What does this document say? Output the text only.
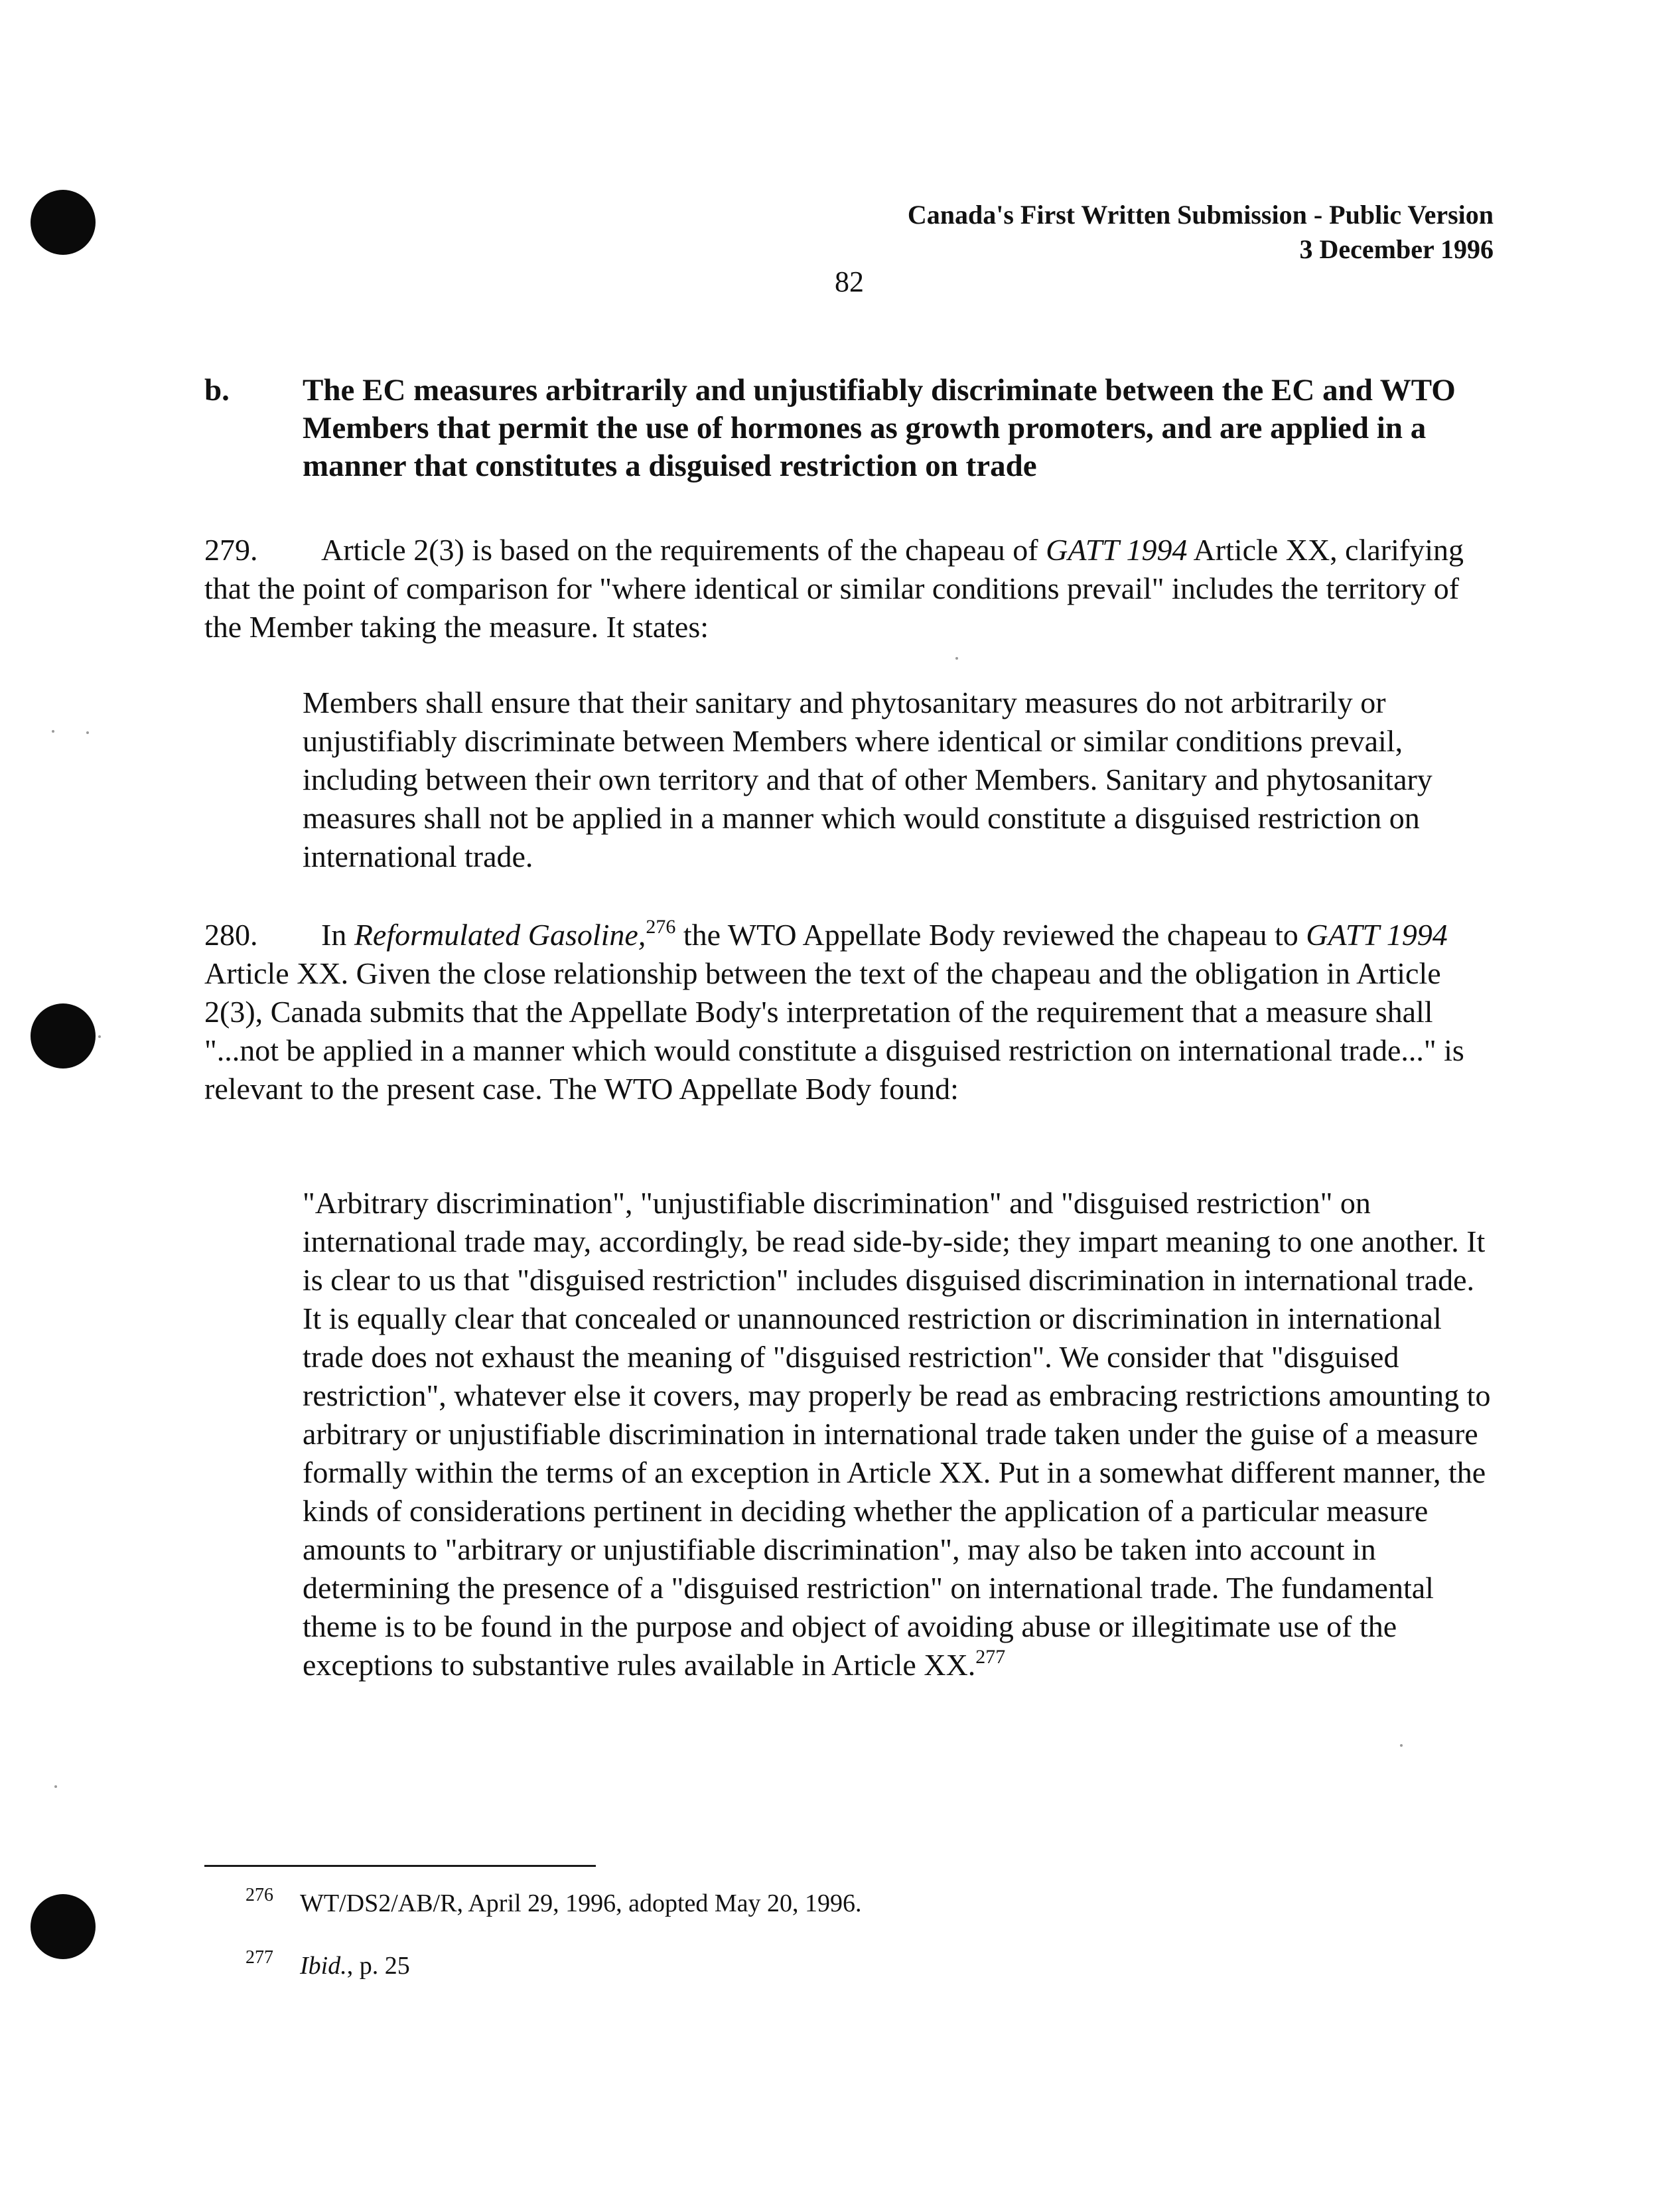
Canada's First Written Submission - Public Version
3 December 1996
82
b. The EC measures arbitrarily and unjustifiably discriminate between the EC and WTO Members that permit the use of hormones as growth promoters, and are applied in a manner that constitutes a disguised restriction on trade

279. Article 2(3) is based on the requirements of the chapeau of GATT 1994 Article XX, clarifying that the point of comparison for "where identical or similar conditions prevail" includes the territory of the Member taking the measure. It states:

Members shall ensure that their sanitary and phytosanitary measures do not arbitrarily or unjustifiably discriminate between Members where identical or similar conditions prevail, including between their own territory and that of other Members. Sanitary and phytosanitary measures shall not be applied in a manner which would constitute a disguised restriction on international trade.

280. In Reformulated Gasoline,$^{276}$ the WTO Appellate Body reviewed the chapeau to GATT 1994 Article XX. Given the close relationship between the text of the chapeau and the obligation in Article 2(3), Canada submits that the Appellate Body's interpretation of the requirement that a measure shall "...not be applied in a manner which would constitute a disguised restriction on international trade..." is relevant to the present case. The WTO Appellate Body found:

"Arbitrary discrimination", "unjustifiable discrimination" and "disguised restriction" on international trade may, accordingly, be read side-by-side; they impart meaning to one another. It is clear to us that "disguised restriction" includes disguised discrimination in international trade. It is equally clear that concealed or unannounced restriction or discrimination in international trade does not exhaust the meaning of "disguised restriction". We consider that "disguised restriction", whatever else it covers, may properly be read as embracing restrictions amounting to arbitrary or unjustifiable discrimination in international trade taken under the guise of a measure formally within the terms of an exception in Article XX. Put in a somewhat different manner, the kinds of considerations pertinent in deciding whether the application of a particular measure amounts to "arbitrary or unjustifiable discrimination", may also be taken into account in determining the presence of a "disguised restriction" on international trade. The fundamental theme is to be found in the purpose and object of avoiding abuse or illegitimate use of the exceptions to substantive rules available in Article XX.$^{277}$

276 WT/DS2/AB/R, April 29, 1996, adopted May 20, 1996.
277 Ibid., p. 25
